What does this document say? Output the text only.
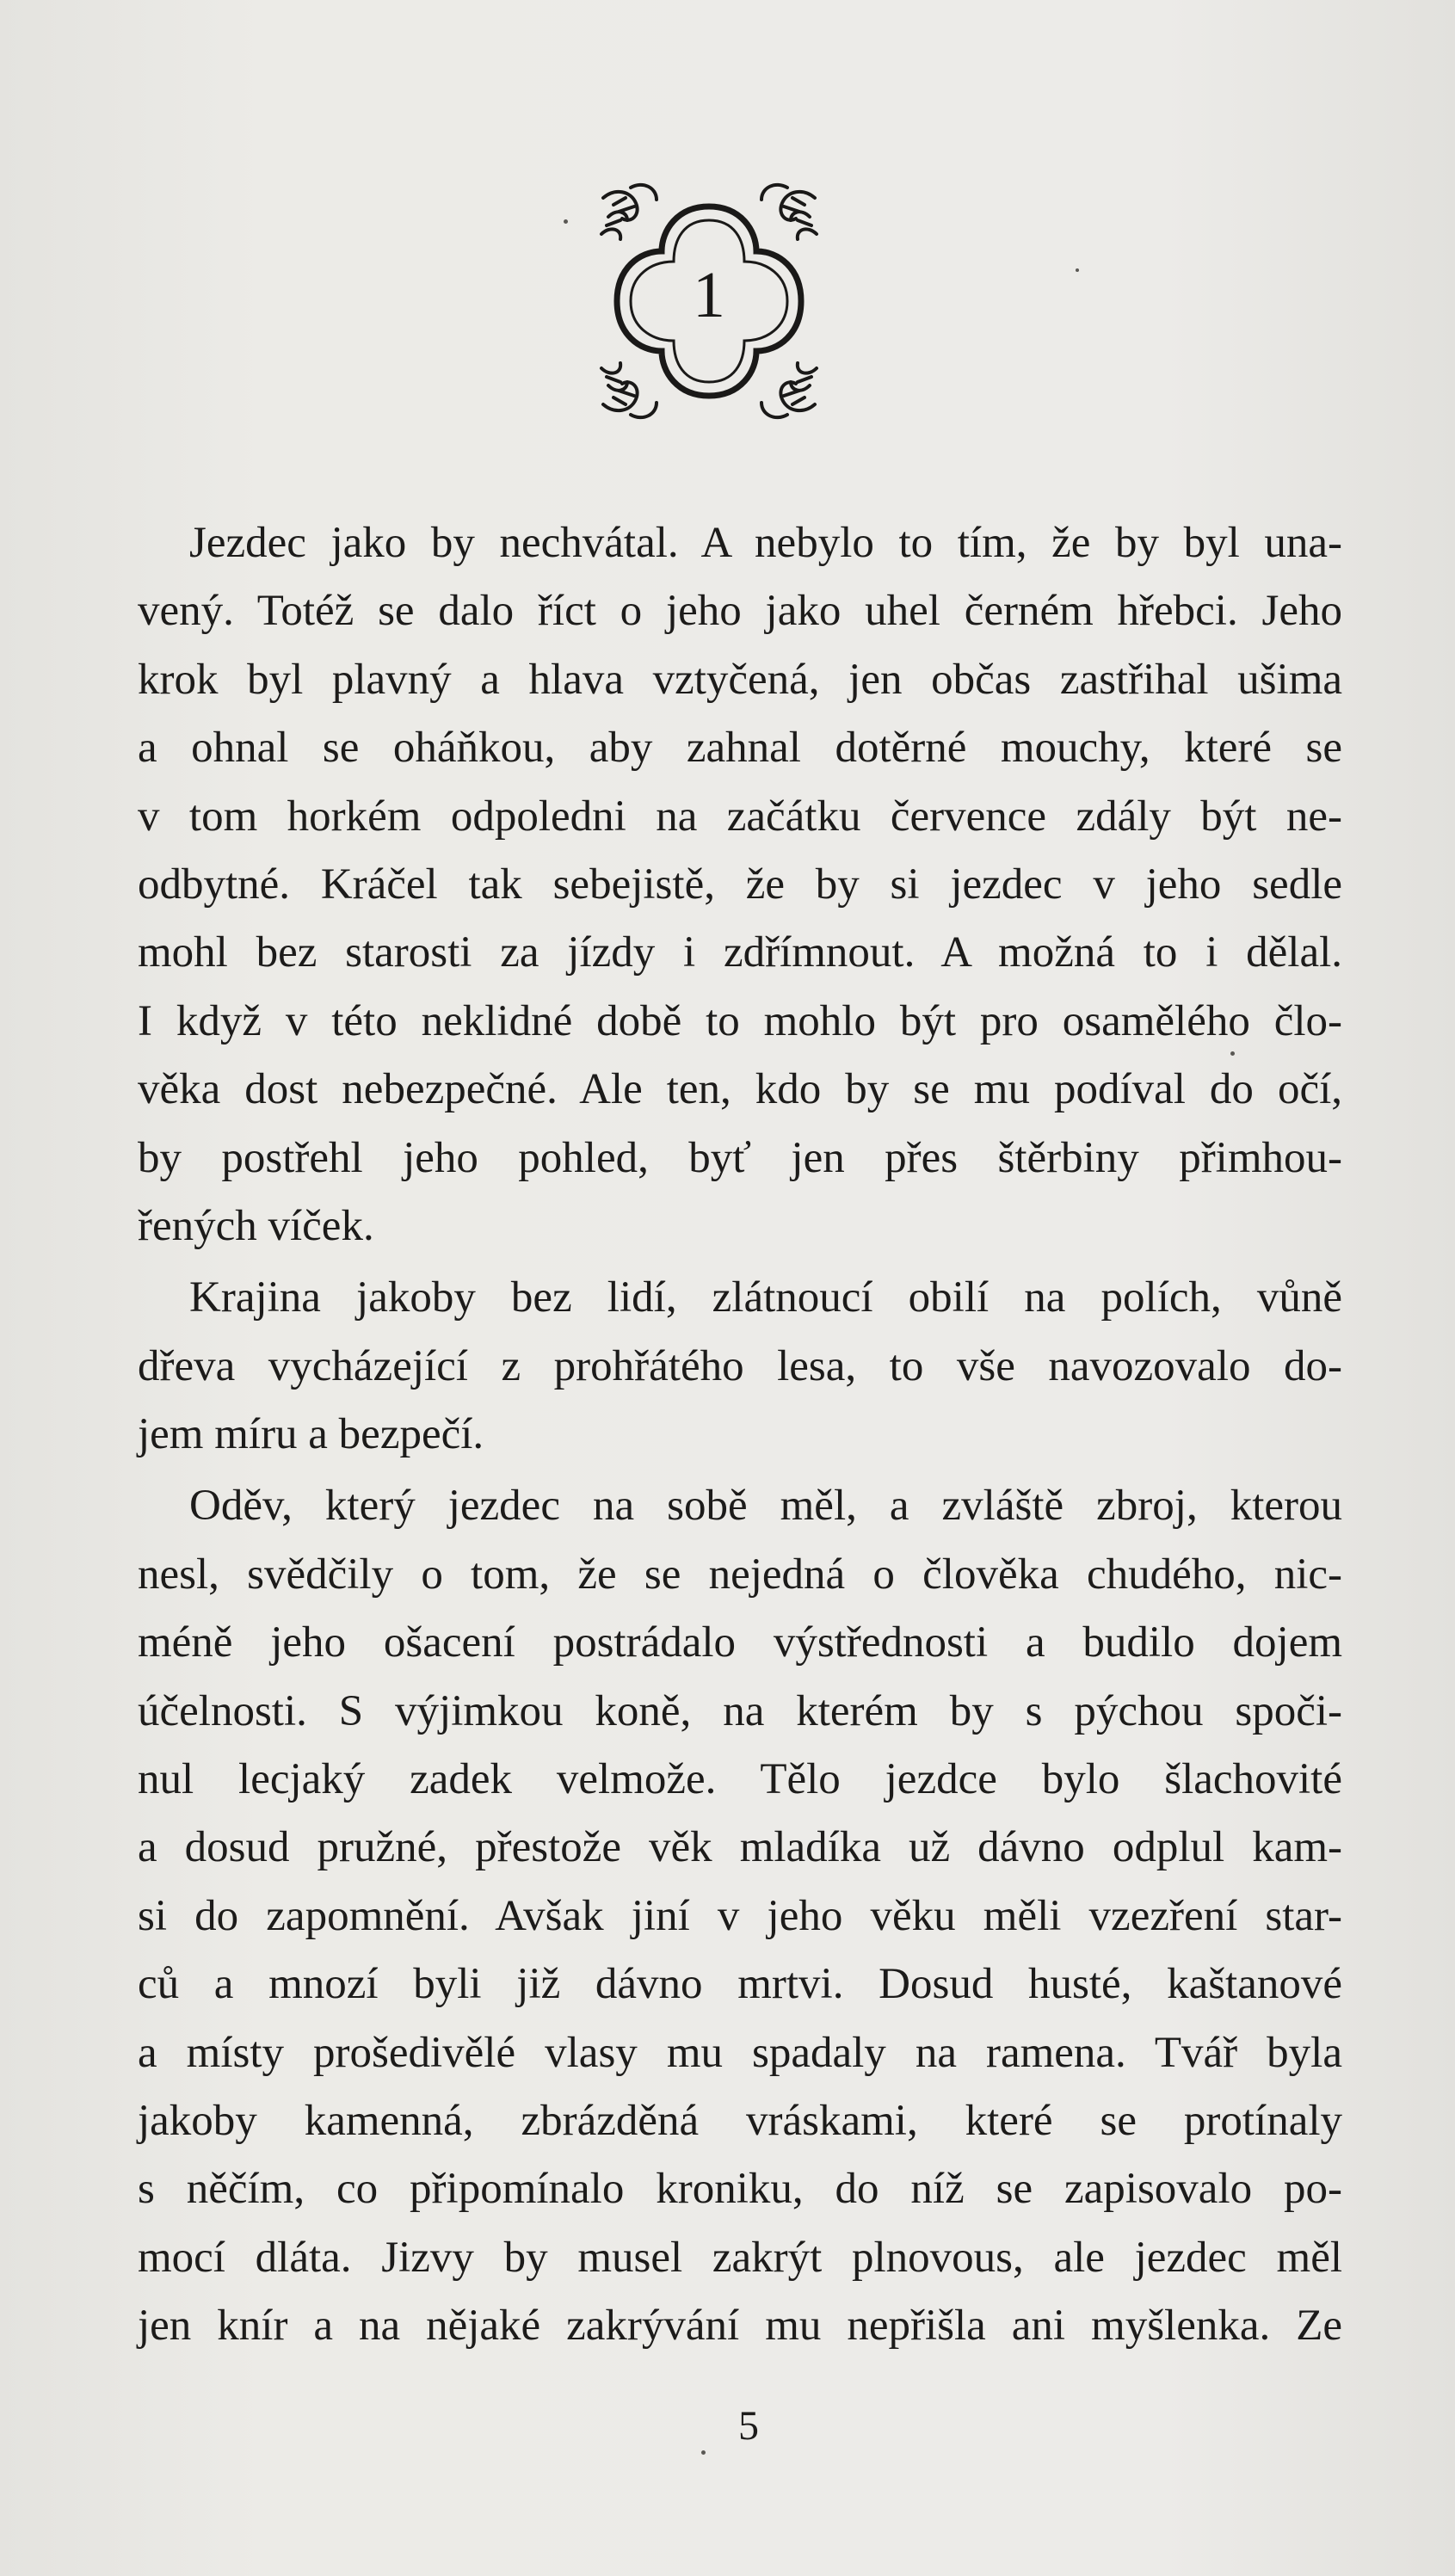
1
Jezdec jako by nechvátal. A nebylo to tím, že by byl una-
vený. Totéž se dalo říct o jeho jako uhel černém hřebci. Jeho
krok byl plavný a hlava vztyčená, jen občas zastřihal ušima
a ohnal se oháňkou, aby zahnal dotěrné mouchy, které se
v tom horkém odpoledni na začátku července zdály být ne-
odbytné. Kráčel tak sebejistě, že by si jezdec v jeho sedle
mohl bez starosti za jízdy i zdřímnout. A možná to i dělal.
I když v této neklidné době to mohlo být pro osamělého člo-
věka dost nebezpečné. Ale ten, kdo by se mu podíval do očí,
by postřehl jeho pohled, byť jen přes štěrbiny přimhou-
řených víček.
Krajina jakoby bez lidí, zlátnoucí obilí na polích, vůně
dřeva vycházející z prohřátého lesa, to vše navozovalo do-
jem míru a bezpečí.
Oděv, který jezdec na sobě měl, a zvláště zbroj, kterou
nesl, svědčily o tom, že se nejedná o člověka chudého, nic-
méně jeho ošacení postrádalo výstřednosti a budilo dojem
účelnosti. S výjimkou koně, na kterém by s pýchou spoči-
nul lecjaký zadek velmože. Tělo jezdce bylo šlachovité
a dosud pružné, přestože věk mladíka už dávno odplul kam-
si do zapomnění. Avšak jiní v jeho věku měli vzezření star-
ců a mnozí byli již dávno mrtvi. Dosud husté, kaštanové
a místy prošedivělé vlasy mu spadaly na ramena. Tvář byla
jakoby kamenná, zbrázděná vráskami, které se protínaly
s něčím, co připomínalo kroniku, do níž se zapisovalo po-
mocí dláta. Jizvy by musel zakrýt plnovous, ale jezdec měl
jen knír a na nějaké zakrývání mu nepřišla ani myšlenka. Ze
5
